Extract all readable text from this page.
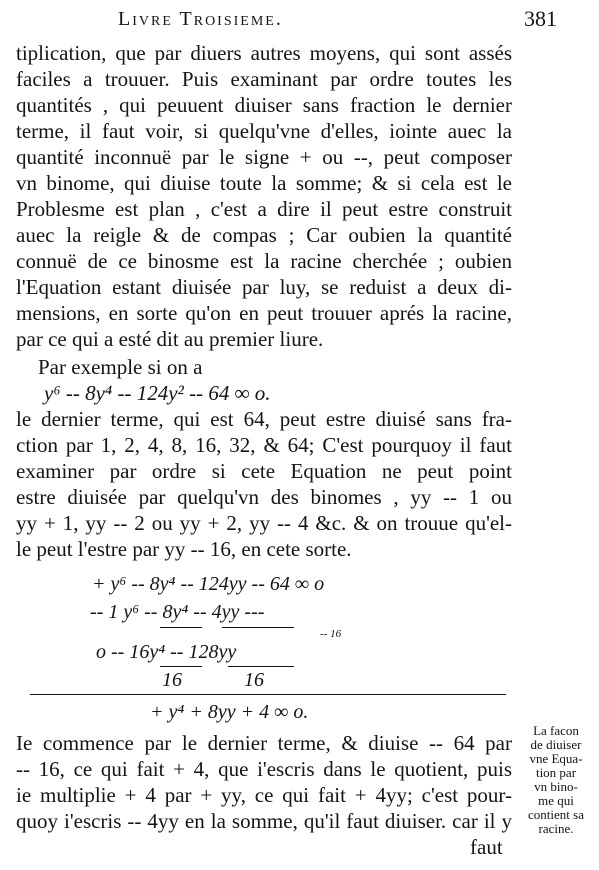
Livre Troisieme.	381
tiplication, que par diuers autres moyens, qui sont assés
faciles a trouuer. Puis examinant par ordre toutes les
quantités , qui peuuent diuiser sans fraction le dernier
terme, il faut voir, si quelqu'vne d'elles, iointe auec la
quantité inconnuë par le signe + ou --, peut composer
vn binome, qui diuise toute la somme; & si cela est le
Problesme est plan , c'est a dire il peut estre construit
auec la reigle & de compas ; Car oubien la quantité
connuë de ce binosme est la racine cherchée ; oubien
l'Equation estant diuisée par luy, se reduist a deux di-
mensions, en sorte qu'on en peut trouuer aprés la racine,
par ce qui a esté dit au premier liure.
Par exemple si on a
y⁶ -- 8y⁴ -- 124y² -- 64 ∞ o.
le dernier terme, qui est 64, peut estre diuisé sans fra-
ction par 1, 2, 4, 8, 16, 32, & 64; C'est pourquoy il faut
examiner par ordre si cete Equation ne peut point
estre diuisée par quelqu'vn des binomes , yy -- 1 ou
yy + 1, yy -- 2 ou yy + 2, yy -- 4 &c. & on trouue qu'el-
le peut l'estre par yy -- 16, en cete sorte.
+ y⁶ -- 8y⁴ -- 124yy -- 64 ∞ o
-- 1 y⁶ -- 8y⁴ -- 4yy ---
-- 16
o -- 16y⁴ -- 128yy
16	16
+ y⁴ + 8yy + 4 ∞ o.
Ie commence par le dernier terme, & diuise -- 64 par
-- 16, ce qui fait + 4, que i'escris dans le quotient, puis
ie multiplie + 4 par + yy, ce qui fait + 4yy; c'est pour-
quoy i'escris -- 4yy en la somme, qu'il faut diuiser. car il y
faut
La facon
de diuiser
vne Equa-
tion par
vn bino-
me qui
contient sa
racine.
